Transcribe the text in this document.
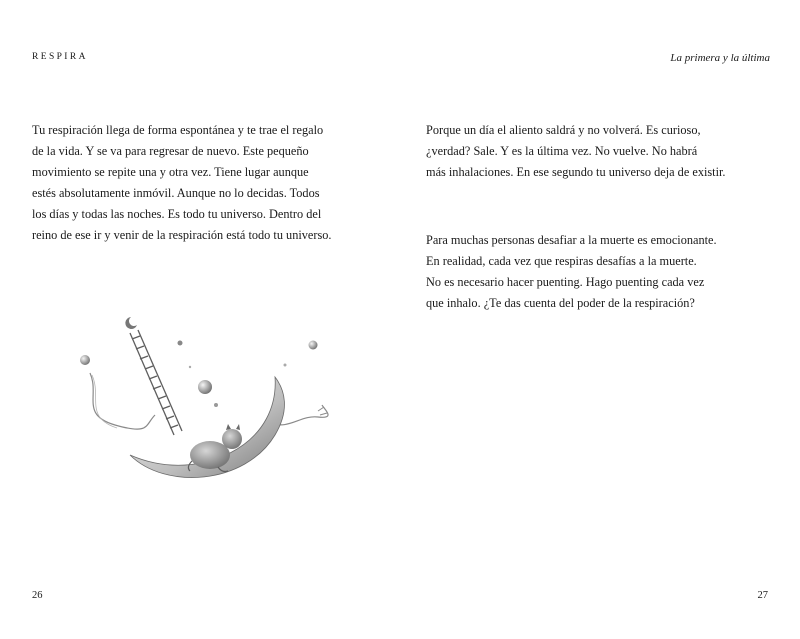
RESPIRA	La primera y la última

Tu respiración llega de forma espontánea y te trae el regalo
de la vida. Y se va para regresar de nuevo. Este pequeño
movimiento se repite una y otra vez. Tiene lugar aunque
estés absolutamente inmóvil. Aunque no lo decidas. Todos
los días y todas las noches. Es todo tu universo. Dentro del
reino de ese ir y venir de la respiración está todo tu universo.

Porque un día el aliento saldrá y no volverá. Es curioso,
¿verdad? Sale. Y es la última vez. No vuelve. No habrá
más inhalaciones. En ese segundo tu universo deja de existir.

Para muchas personas desafiar a la muerte es emocionante.
En realidad, cada vez que respiras desafías a la muerte.
No es necesario hacer puenting. Hago puenting cada vez
que inhalo. ¿Te das cuenta del poder de la respiración?

26	27
